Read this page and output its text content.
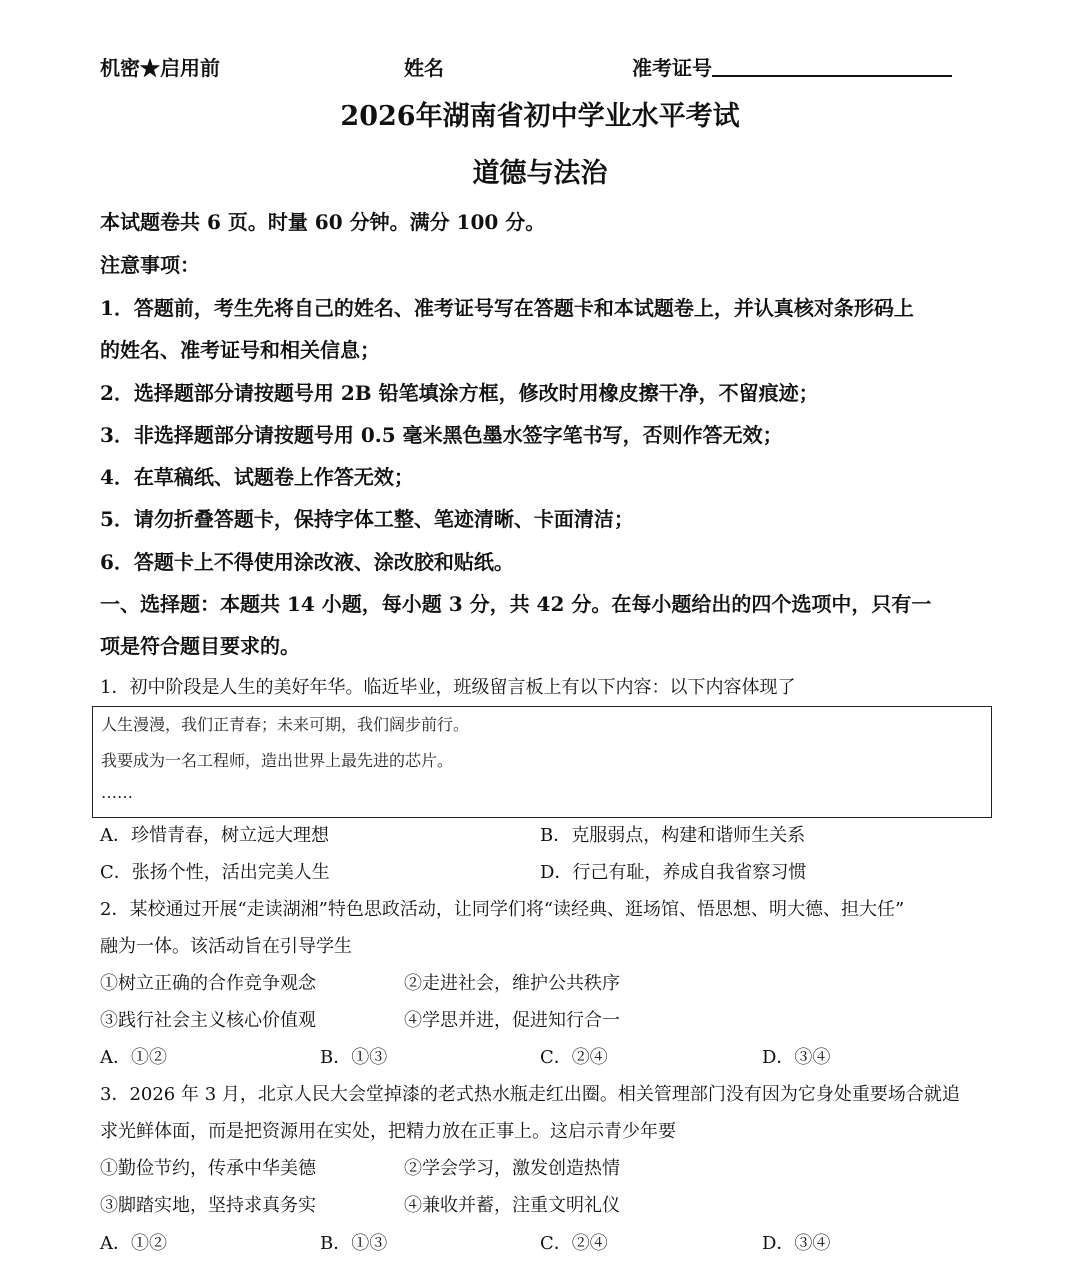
机密★启用前	姓名	准考证号
2026年湖南省初中学业水平考试
道德与法治
本试题卷共 6 页。时量 60 分钟。满分 100 分。
注意事项：
1．答题前，考生先将自己的姓名、准考证号写在答题卡和本试题卷上，并认真核对条形码上
的姓名、准考证号和相关信息；
2．选择题部分请按题号用 2B 铅笔填涂方框，修改时用橡皮擦干净，不留痕迹；
3．非选择题部分请按题号用 0.5 毫米黑色墨水签字笔书写，否则作答无效；
4．在草稿纸、试题卷上作答无效；
5．请勿折叠答题卡，保持字体工整、笔迹清晰、卡面清洁；
6．答题卡上不得使用涂改液、涂改胶和贴纸。
一、选择题：本题共 14 小题，每小题 3 分，共 42 分。在每小题给出的四个选项中，只有一
项是符合题目要求的。
1．初中阶段是人生的美好年华。临近毕业，班级留言板上有以下内容：以下内容体现了
人生漫漫，我们正青春；未来可期，我们阔步前行。
我要成为一名工程师，造出世界上最先进的芯片。
……
A．珍惜青春，树立远大理想	B．克服弱点，构建和谐师生关系
C．张扬个性，活出完美人生	D．行己有耻，养成自我省察习惯
2．某校通过开展“走读湖湘”特色思政活动，让同学们将“读经典、逛场馆、悟思想、明大德、担大任”
融为一体。该活动旨在引导学生
①树立正确的合作竞争观念	②走进社会，维护公共秩序
③践行社会主义核心价值观	④学思并进，促进知行合一
A．①②	B．①③	C．②④	D．③④
3．2026 年 3 月，北京人民大会堂掉漆的老式热水瓶走红出圈。相关管理部门没有因为它身处重要场合就追
求光鲜体面，而是把资源用在实处，把精力放在正事上。这启示青少年要
①勤俭节约，传承中华美德	②学会学习，激发创造热情
③脚踏实地，坚持求真务实	④兼收并蓄，注重文明礼仪
A．①②	B．①③	C．②④	D．③④
